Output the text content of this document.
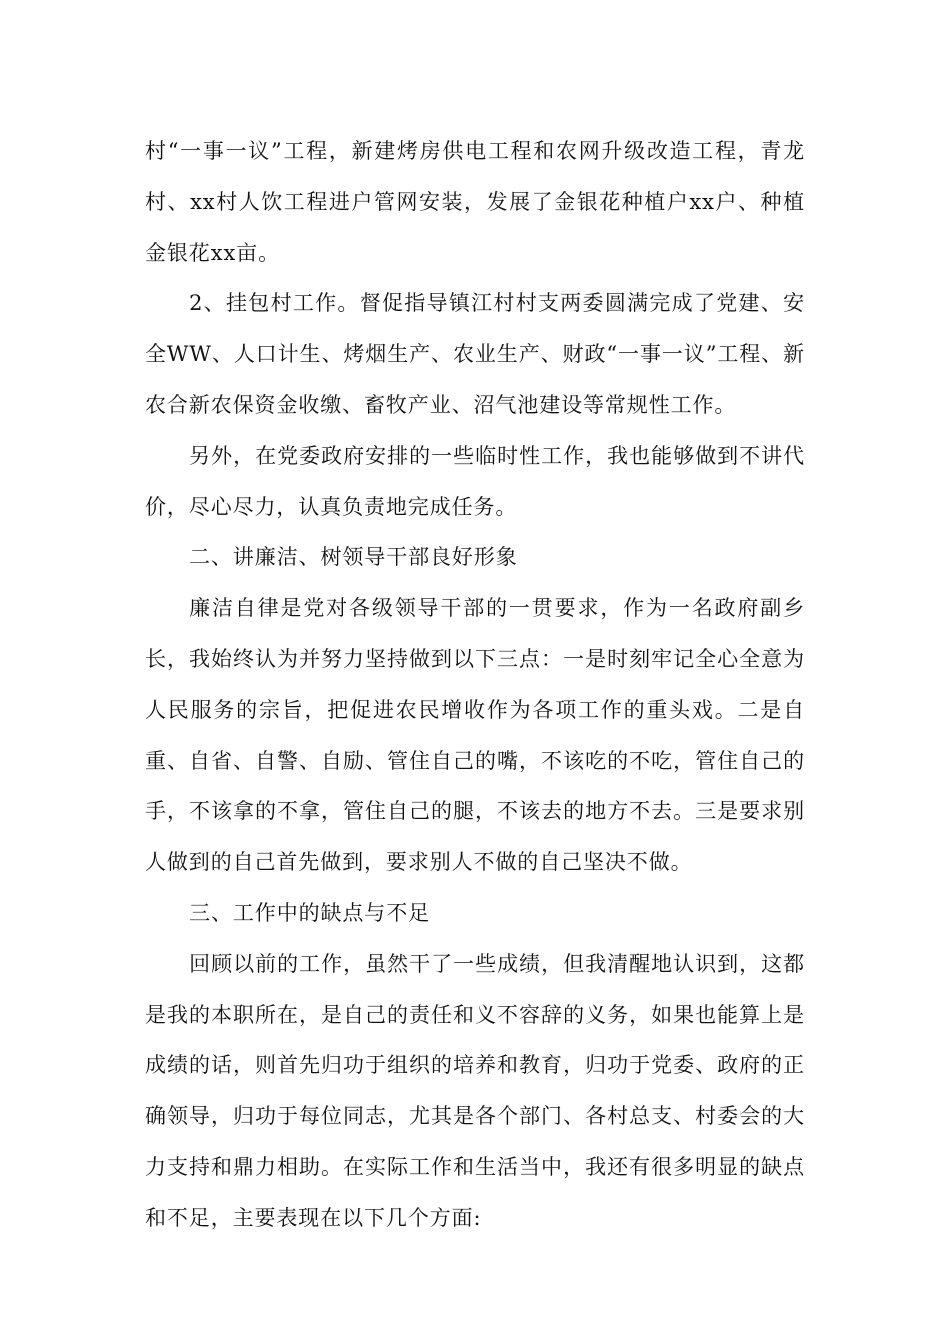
村“一事一议”工程，新建烤房供电工程和农网升级改造工程，青龙村、xx村人饮工程进户管网安装，发展了金银花种植户xx户、种植金银花xx亩。

2、挂包村工作。督促指导镇江村村支两委圆满完成了党建、安全WW、人口计生、烤烟生产、农业生产、财政“一事一议”工程、新农合新农保资金收缴、畜牧产业、沼气池建设等常规性工作。

另外，在党委政府安排的一些临时性工作，我也能够做到不讲代价，尽心尽力，认真负责地完成任务。

二、讲廉洁、树领导干部良好形象

廉洁自律是党对各级领导干部的一贯要求，作为一名政府副乡长，我始终认为并努力坚持做到以下三点：一是时刻牢记全心全意为人民服务的宗旨，把促进农民增收作为各项工作的重头戏。二是自重、自省、自警、自励、管住自己的嘴，不该吃的不吃，管住自己的手，不该拿的不拿，管住自己的腿，不该去的地方不去。三是要求别人做到的自己首先做到，要求别人不做的自己坚决不做。

三、工作中的缺点与不足

回顾以前的工作，虽然干了一些成绩，但我清醒地认识到，这都是我的本职所在，是自己的责任和义不容辞的义务，如果也能算上是成绩的话，则首先归功于组织的培养和教育，归功于党委、政府的正确领导，归功于每位同志，尤其是各个部门、各村总支、村委会的大力支持和鼎力相助。在实际工作和生活当中，我还有很多明显的缺点和不足，主要表现在以下几个方面:
